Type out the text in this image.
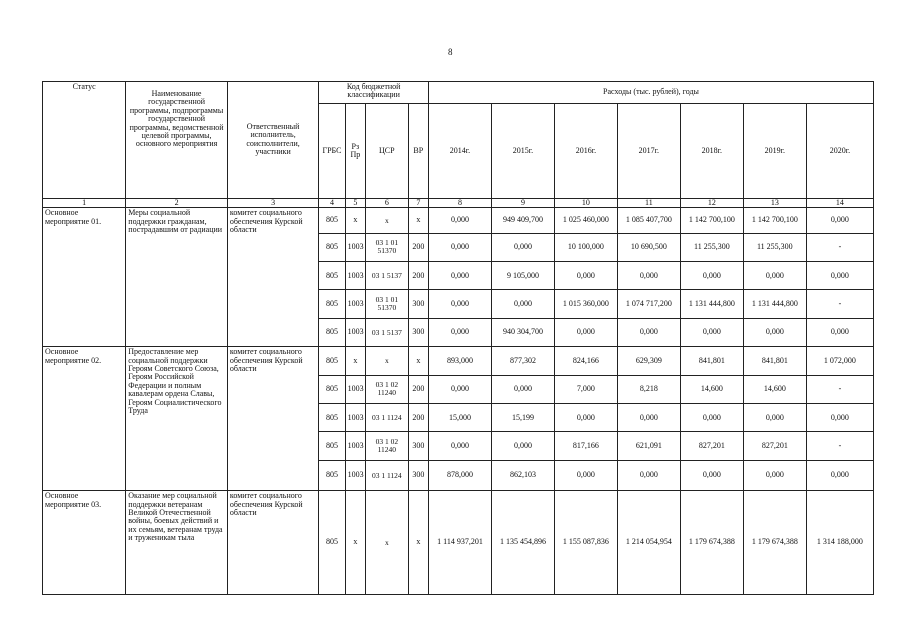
8
Статус	Наименование государственной программы, подпрограммы государственной программы, ведомственной целевой программы, основного мероприятия	Ответственный исполнитель, соисполнители, участники	Код бюджетной классификации				Расходы (тыс. рублей), годы						
			ГРБС	Рз Пр	ЦСР	ВР	2014г.	2015г.	2016г.	2017г.	2018г.	2019г.	2020г.
1	2	3	4	5	6	7	8	9	10	11	12	13	14
Основное мероприятие 01.	Меры социальной поддержки гражданам, пострадавшим от радиации	комитет социального обеспечения Курской области	805	х	х	х	0,000	949 409,700	1 025 460,000	1 085 407,700	1 142 700,100	1 142 700,100	0,000
			805	1003	03 1 01 51370	200	0,000	0,000	10 100,000	10 690,500	11 255,300	11 255,300	-
			805	1003	03 1 5137	200	0,000	9 105,000	0,000	0,000	0,000	0,000	0,000
			805	1003	03 1 01 51370	300	0,000	0,000	1 015 360,000	1 074 717,200	1 131 444,800	1 131 444,800	-
			805	1003	03 1 5137	300	0,000	940 304,700	0,000	0,000	0,000	0,000	0,000
Основное мероприятие 02.	Предоставление мер социальной поддержки Героям Советского Союза, Героям Российской Федерации и полным кавалерам ордена Славы, Героям Социалистического Труда	комитет социального обеспечения Курской области	805	х	х	х	893,000	877,302	824,166	629,309	841,801	841,801	1 072,000
			805	1003	03 1 02 11240	200	0,000	0,000	7,000	8,218	14,600	14,600	-
			805	1003	03 1 1124	200	15,000	15,199	0,000	0,000	0,000	0,000	0,000
			805	1003	03 1 02 11240	300	0,000	0,000	817,166	621,091	827,201	827,201	-
			805	1003	03 1 1124	300	878,000	862,103	0,000	0,000	0,000	0,000	0,000
Основное мероприятие 03.	Оказание мер социальной поддержки ветеранам Великой Отечественной войны, боевых действий и их семьям, ветеранам труда и труженикам тыла	комитет социального обеспечения Курской области	805	х	х	х	1 114 937,201	1 135 454,896	1 155 087,836	1 214 054,954	1 179 674,388	1 179 674,388	1 314 188,000
